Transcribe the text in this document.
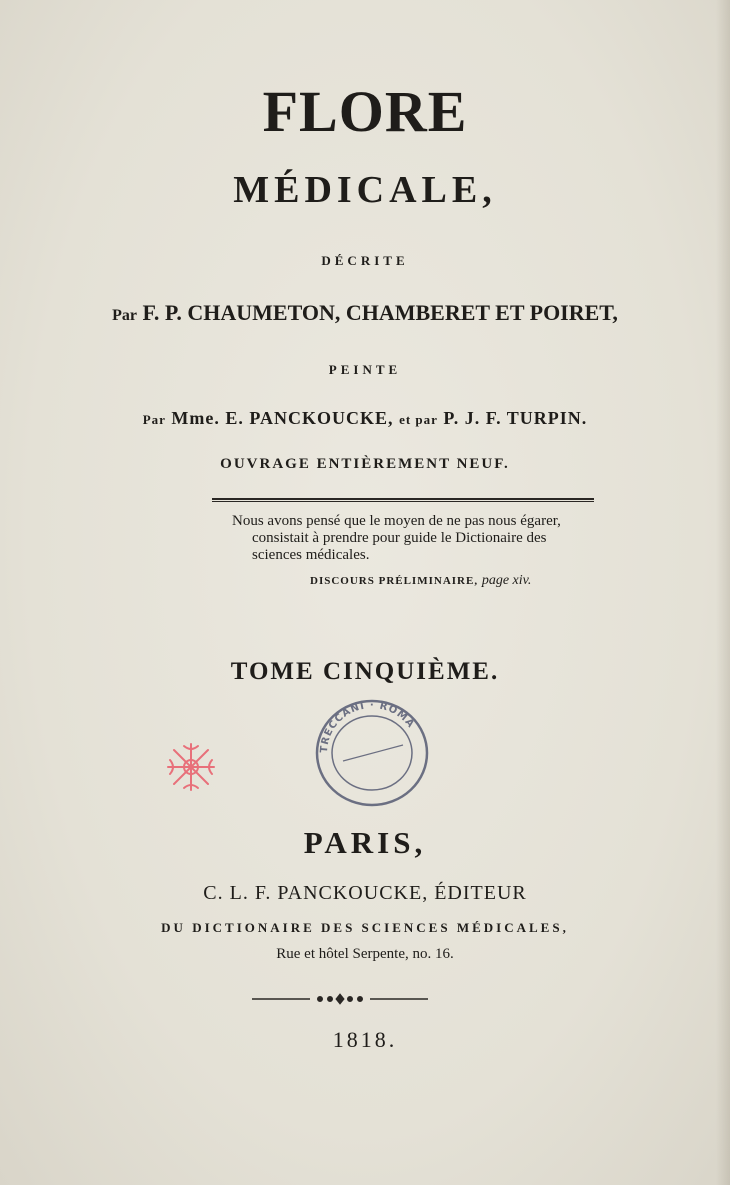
FLORE
MÉDICALE,
DÉCRITE
Par F. P. CHAUMETON, CHAMBERET ET POIRET,
PEINTE
Par Mme. E. PANCKOUCKE, et par P. J. F. TURPIN.
OUVRAGE ENTIÈREMENT NEUF.
Nous avons pensé que le moyen de ne pas nous égarer,
consistait à prendre pour guide le Dictionaire des
sciences médicales.
DISCOURS PRÉLIMINAIRE, page xiv.
TOME CINQUIÈME.
TRECCANI · ROMA
PARIS,
C. L. F. PANCKOUCKE, ÉDITEUR
DU DICTIONAIRE DES SCIENCES MÉDICALES,
Rue et hôtel Serpente, no. 16.
1818.
